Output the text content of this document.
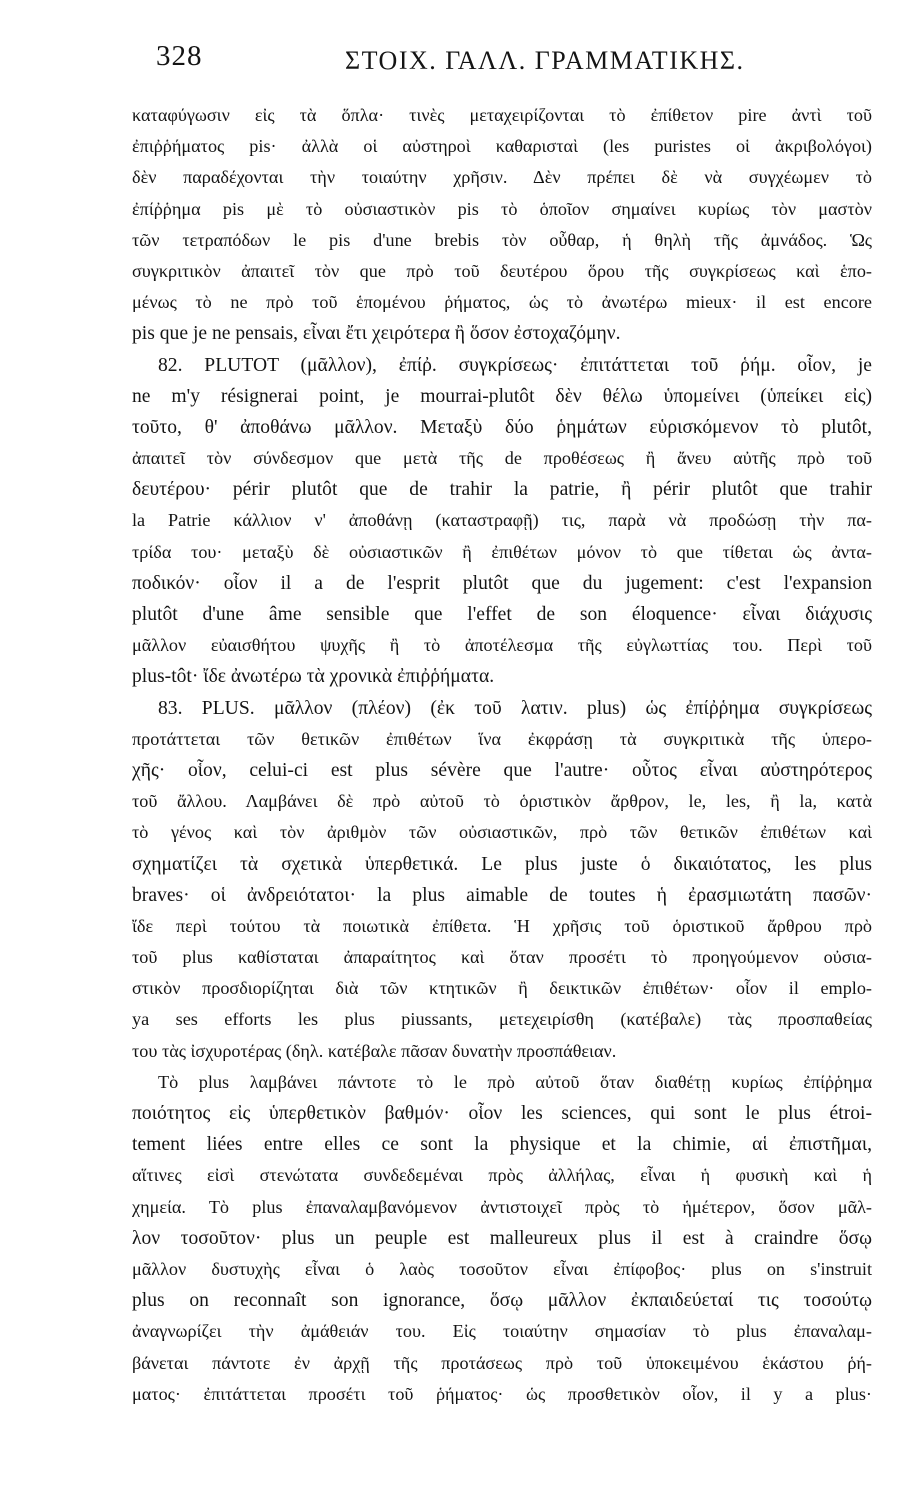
328	ΣΤΟΙΧ. ΓΑΛΛ. ΓΡΑΜΜΑΤΙΚΗΣ.
καταφύγωσιν εἰς τὰ ὅπλα· τινὲς μεταχειρίζονται τὸ ἐπίθετον pire ἀντὶ τοῦ
ἐπιῤῥήματος pis· ἀλλὰ οἱ αὐστηροὶ καθαρισταὶ (les puristes οἱ ἀκριβολόγοι)
δὲν παραδέχονται τὴν τοιαύτην χρῆσιν. Δὲν πρέπει δὲ νὰ συγχέωμεν τὸ
ἐπίῤῥημα pis μὲ τὸ οὐσιαστικὸν pis τὸ ὁποῖον σημαίνει κυρίως τὸν μαστὸν
τῶν τετραπόδων le pis d'une brebis τὸν οὖθαρ, ἡ θηλὴ τῆς ἀμνάδος. Ὡς
συγκριτικὸν ἀπαιτεῖ τὸν que πρὸ τοῦ δευτέρου ὅρου τῆς συγκρίσεως καὶ ἑπο-
μένως τὸ ne πρὸ τοῦ ἑπομένου ῥήματος, ὡς τὸ ἀνωτέρω mieux· il est encore
pis que je ne pensais, εἶναι ἔτι χειρότερα ἢ ὅσον ἐστοχαζόμην.
82. PLUTOT (μᾶλλον), ἐπίῤ. συγκρίσεως· ἐπιτάττεται τοῦ ῥήμ. οἷον, je
ne m'y résignerai point, je mourrai-plutôt δὲν θέλω ὑπομείνει (ὑπείκει εἰς)
τοῦτο, θ' ἀποθάνω μᾶλλον. Μεταξὺ δύο ῥημάτων εὑρισκόμενον τὸ plutôt,
ἀπαιτεῖ τὸν σύνδεσμον que μετὰ τῆς de προθέσεως ἢ ἄνευ αὐτῆς πρὸ τοῦ
δευτέρου· périr plutôt que de trahir la patrie, ἢ périr plutôt que trahir
la Patrie κάλλιον ν' ἀποθάνῃ (καταστραφῇ) τις, παρὰ νὰ προδώσῃ τὴν πα-
τρίδα του· μεταξὺ δὲ οὐσιαστικῶν ἢ ἐπιθέτων μόνον τὸ que τίθεται ὡς ἀντα-
ποδικόν· οἷον il a de l'esprit plutôt que du jugement: c'est l'expansion
plutôt d'une âme sensible que l'effet de son éloquence· εἶναι διάχυσις
μᾶλλον εὐαισθήτου ψυχῆς ἢ τὸ ἀποτέλεσμα τῆς εὐγλωττίας του. Περὶ τοῦ
plus-tôt· ἴδε ἀνωτέρω τὰ χρονικὰ ἐπιῤῥήματα.
83. PLUS. μᾶλλον (πλέον) (ἐκ τοῦ λατιν. plus) ὡς ἐπίῤῥημα συγκρίσεως
προτάττεται τῶν θετικῶν ἐπιθέτων ἵνα ἐκφράσῃ τὰ συγκριτικὰ τῆς ὑπερο-
χῆς· οἷον, celui-ci est plus sévère que l'autre· οὗτος εἶναι αὐστηρότερος
τοῦ ἄλλου. Λαμβάνει δὲ πρὸ αὐτοῦ τὸ ὁριστικὸν ἄρθρον, le, les, ἢ la, κατὰ
τὸ γένος καὶ τὸν ἀριθμὸν τῶν οὐσιαστικῶν, πρὸ τῶν θετικῶν ἐπιθέτων καὶ
σχηματίζει τὰ σχετικὰ ὑπερθετικά. Le plus juste ὁ δικαιότατος, les plus
braves· οἱ ἀνδρειότατοι· la plus aimable de toutes ἡ ἐρασμιωτάτη πασῶν·
ἴδε περὶ τούτου τὰ ποιωτικὰ ἐπίθετα. Ἡ χρῆσις τοῦ ὁριστικοῦ ἄρθρου πρὸ
τοῦ plus καθίσταται ἀπαραίτητος καὶ ὅταν προσέτι τὸ προηγούμενον οὐσια-
στικὸν προσδιορίζηται διὰ τῶν κτητικῶν ἢ δεικτικῶν ἐπιθέτων· οἷον il emplo-
ya ses efforts les plus piussants, μετεχειρίσθη (κατέβαλε) τὰς προσπαθείας
του τὰς ἰσχυροτέρας (δηλ. κατέβαλε πᾶσαν δυνατὴν προσπάθειαν.
Τὸ plus λαμβάνει πάντοτε τὸ le πρὸ αὐτοῦ ὅταν διαθέτῃ κυρίως ἐπίῤῥημα
ποιότητος εἰς ὑπερθετικὸν βαθμόν· οἷον les sciences, qui sont le plus étroi-
tement liées entre elles ce sont la physique et la chimie, αἱ ἐπιστῆμαι,
αἵτινες εἰσὶ στενώτατα συνδεδεμέναι πρὸς ἀλλήλας, εἶναι ἡ φυσικὴ καὶ ἡ
χημεία. Τὸ plus ἐπαναλαμβανόμενον ἀντιστοιχεῖ πρὸς τὸ ἡμέτερον, ὅσον μᾶλ-
λον τοσοῦτον· plus un peuple est malleureux plus il est à craindre ὅσῳ
μᾶλλον δυστυχὴς εἶναι ὁ λαὸς τοσοῦτον εἶναι ἐπίφοβος· plus on s'instruit
plus on reconnaît son ignorance, ὅσῳ μᾶλλον ἐκπαιδεύεταί τις τοσούτῳ
ἀναγνωρίζει τὴν ἀμάθειάν του. Εἰς τοιαύτην σημασίαν τὸ plus ἐπαναλαμ-
βάνεται πάντοτε ἐν ἀρχῇ τῆς προτάσεως πρὸ τοῦ ὑποκειμένου ἑκάστου ῥή-
ματος· ἐπιτάττεται προσέτι τοῦ ῥήματος· ὡς προσθετικὸν οἷον, il y a plus·
